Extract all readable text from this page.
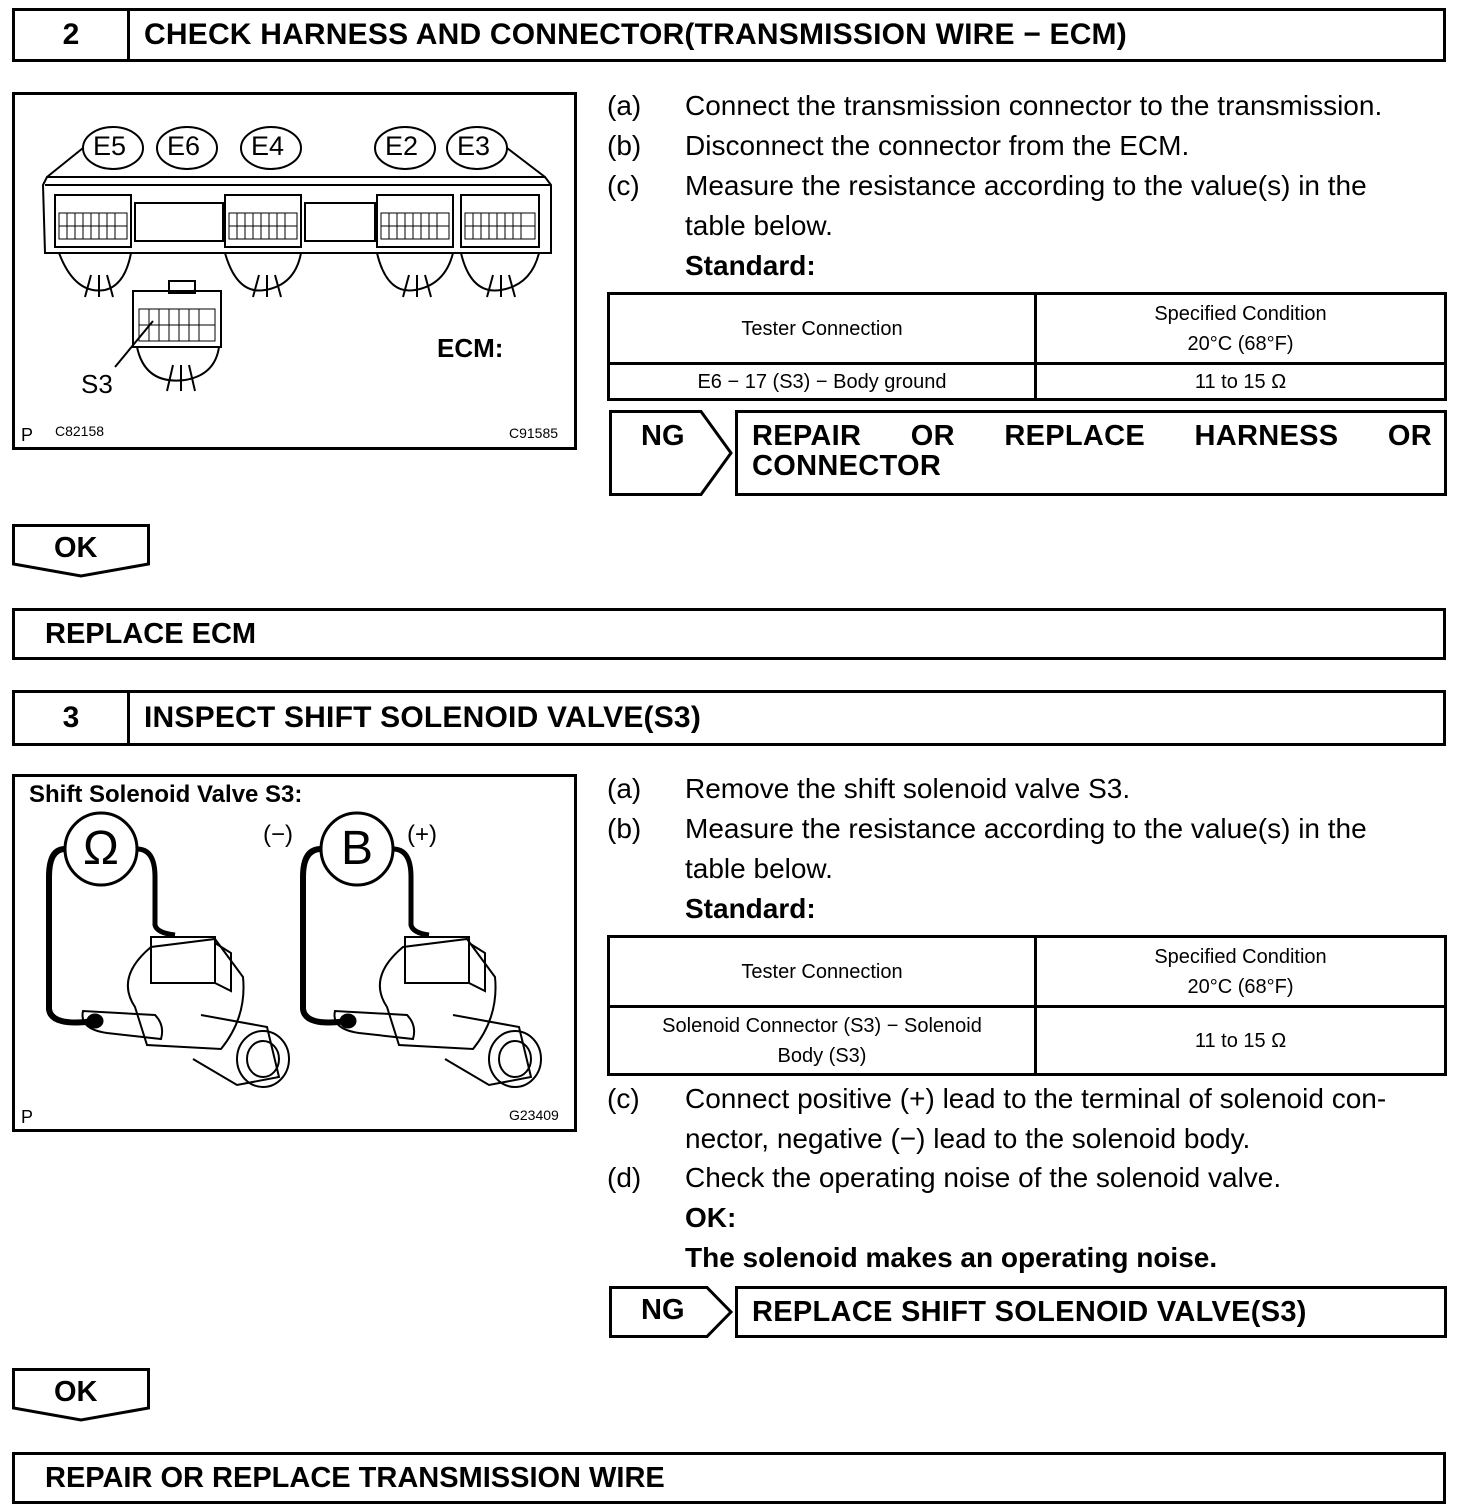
2	CHECK HARNESS AND CONNECTOR(TRANSMISSION WIRE − ECM)
E5 E6 E4	E2 E3
S3
ECM:
P C82158	C91585
(a) Connect the transmission connector to the transmission.
(b) Disconnect the connector from the ECM.
(c) Measure the resistance according to the value(s) in the
table below.
Standard:
Tester Connection	Specified Condition
20°C (68°F)

E6 − 17 (S3) − Body ground	11 to 15 Ω
NG REPAIR OR REPLACE HARNESS OR
CONNECTOR
OK
REPLACE ECM
3	INSPECT SHIFT SOLENOID VALVE(S3)
Shift Solenoid Valve S3:
Ω	B
(−)	(+)
P	G23409
(a) Remove the shift solenoid valve S3.
(b) Measure the resistance according to the value(s) in the
table below.
Standard:
Tester Connection	Specified Condition
20°C (68°F)

Solenoid Connector (S3) − Solenoid
Body (S3)	11 to 15 Ω
(c) Connect positive (+) lead to the terminal of solenoid con-
nector, negative (−) lead to the solenoid body.
(d) Check the operating noise of the solenoid valve.
OK:
The solenoid makes an operating noise.
NG	REPLACE SHIFT SOLENOID VALVE(S3)
OK
REPAIR OR REPLACE TRANSMISSION WIRE
